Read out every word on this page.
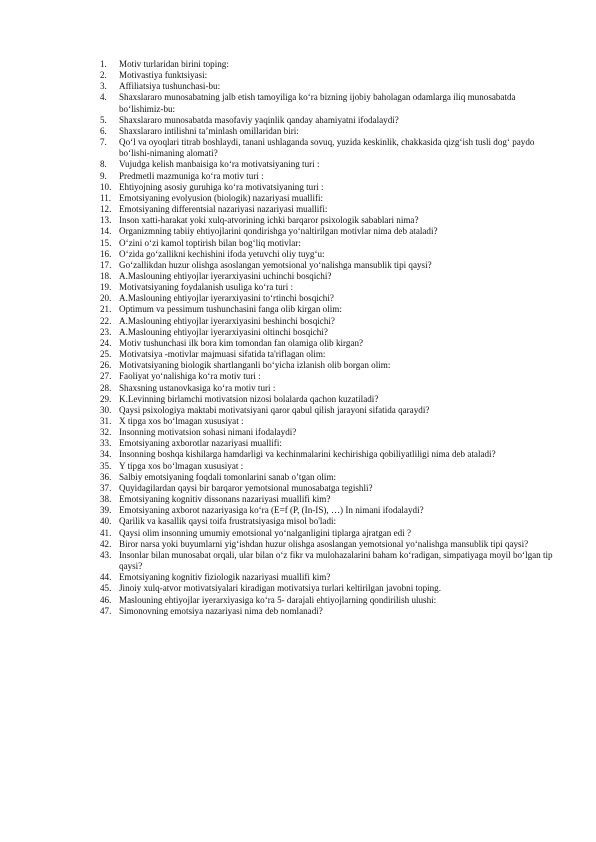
1.	Motiv turlaridan birini toping:
2.	Motivastiya funktsiyasi:
3.	Affiliatsiya tushunchasi-bu:
4.	Shaxslararo munosabatning jalb etish tamoyiliga ko‘ra bizning ijobiy baholagan odamlarga iliq munosabatda bo‘lishimiz-bu:
5.	Shaxslararo munosabatda masofaviy yaqinlik qanday ahamiyatni ifodalaydi?
6.	Shaxslararo intilishni ta’minlash omillaridan biri:
7.	Qo‘l va oyoqlari titrab boshlaydi, tanani ushlaganda sovuq, yuzida keskinlik, chakkasida qizg‘ish tusli dog‘ paydo bo‘lishi-nimaning alomati?
8.	Vujudga kelish manbaisiga ko‘ra motivatsiyaning turi :
9.	Predmetli mazmuniga ko‘ra motiv turi :
10. Ehtiyojning asosiy guruhiga ko‘ra motivatsiyaning turi :
11. Emotsiyaning evolyusion (biologik) nazariyasi muallifi:
12. Emotsiyaning differentsial nazariyasi nazariyasi muallifi:
13. Inson xatti-harakat yoki xulq-atvorining ichki barqaror psixologik sabablari nima?
14. Organizmning tabiiy ehtiyojlarini qondirishga yo‘naltirilgan motivlar nima deb ataladi?
15. O‘zini o‘zi kamol toptirish bilan bog‘liq motivlar:
16. O‘zida go‘zallikni kechishini ifoda yetuvchi oliy tuyg‘u:
17. Go‘zallikdan huzur olishga asoslangan yemotsional yo‘nalishga mansublik tipi qaysi?
18. A.Maslouning ehtiyojlar iyerarxiyasini uchinchi bosqichi?
19. Motivatsiyaning foydalanish usuliga ko‘ra turi :
20. A.Maslouning ehtiyojlar iyerarxiyasini to‘rtinchi bosqichi?
21. Optimum va pessimum tushunchasini fanga olib kirgan olim:
22. A.Maslouning ehtiyojlar iyerarxiyasini beshinchi bosqichi?
23. A.Maslouning ehtiyojlar iyerarxiyasini oltinchi bosqichi?
24. Motiv tushunchasi ilk bora kim tomondan fan olamiga olib kirgan?
25. Motivatsiya -motivlar majmuasi sifatida ta'riflagan olim:
26. Motivatsiyaning biologik shartlanganli bo‘yicha izlanish olib borgan olim:
27. Faoliyat yo‘nalishiga ko‘ra motiv turi :
28. Shaxsning ustanovkasiga ko‘ra motiv turi :
29. K.Levinning birlamchi motivatsion nizosi bolalarda qachon kuzatiladi?
30. Qaysi psixologiya maktabi motivatsiyani qaror qabul qilish jarayoni sifatida qaraydi?
31. X tipga xos bo‘lmagan xususiyat :
32. Insonning motivatsion sohasi nimani ifodalaydi?
33. Emotsiyaning axborotlar nazariyasi muallifi:
34. Insonning boshqa kishilarga hamdarligi va kechinmalarini kechirishiga qobiliyatliligi nima deb ataladi?
35. Y tipga xos bo‘lmagan xususiyat :
36. Salbiy emotsiyaning foqdali tomonlarini sanab o’tgan olim:
37. Quyidagilardan qaysi bir barqaror yemotsional munosabatga tegishli?
38. Emotsiyaning kognitiv dissonans nazariyasi muallifi kim?
39. Emotsiyaning axborot nazariyasiga ko‘ra (E=f (P, (In-IS), …) In nimani ifodalaydi?
40. Qarilik va kasallik qaysi toifa frustratsiyasiga misol bo'ladi:
41. Qaysi olim insonning umumiy emotsional yo‘nalganligini tiplarga ajratgan edi ?
42. Biror narsa yoki buyumlarni yig‘ishdan huzur olishga asoslangan yemotsional yo‘nalishga mansublik tipi qaysi?
43. Insonlar bilan munosabat orqali, ular bilan o‘z fikr va mulohazalarini baham ko‘radigan, simpatiyaga moyil bo‘lgan tip qaysi?
44. Emotsiyaning kognitiv fiziologik nazariyasi muallifi kim?
45. Jinoiy xulq-atvor motivatsiyalari kiradigan motivatsiya turlari keltirilgan javobni toping.
46. Maslouning ehtiyojlar iyerarxiyasiga ko‘ra 5- darajali ehtiyojlarning qondirilish ulushi:
47. Simonovning emotsiya nazariyasi nima deb nomlanadi?
